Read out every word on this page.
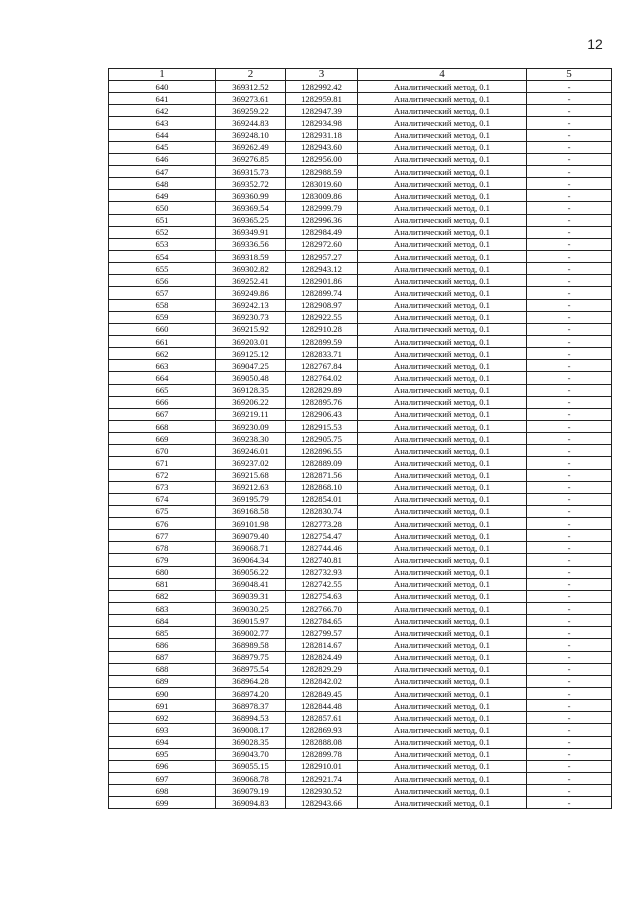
12
1	2	3	4	5
640	369312.52	1282992.42	Аналитический метод, 0.1	-
641	369273.61	1282959.81	Аналитический метод, 0.1	-
642	369259.22	1282947.39	Аналитический метод, 0.1	-
643	369244.83	1282934.98	Аналитический метод, 0.1	-
644	369248.10	1282931.18	Аналитический метод, 0.1	-
645	369262.49	1282943.60	Аналитический метод, 0.1	-
646	369276.85	1282956.00	Аналитический метод, 0.1	-
647	369315.73	1282988.59	Аналитический метод, 0.1	-
648	369352.72	1283019.60	Аналитический метод, 0.1	-
649	369360.99	1283009.86	Аналитический метод, 0.1	-
650	369369.54	1282999.79	Аналитический метод, 0.1	-
651	369365.25	1282996.36	Аналитический метод, 0.1	-
652	369349.91	1282984.49	Аналитический метод, 0.1	-
653	369336.56	1282972.60	Аналитический метод, 0.1	-
654	369318.59	1282957.27	Аналитический метод, 0.1	-
655	369302.82	1282943.12	Аналитический метод, 0.1	-
656	369252.41	1282901.86	Аналитический метод, 0.1	-
657	369249.86	1282899.74	Аналитический метод, 0.1	-
658	369242.13	1282908.97	Аналитический метод, 0.1	-
659	369230.73	1282922.55	Аналитический метод, 0.1	-
660	369215.92	1282910.28	Аналитический метод, 0.1	-
661	369203.01	1282899.59	Аналитический метод, 0.1	-
662	369125.12	1282833.71	Аналитический метод, 0.1	-
663	369047.25	1282767.84	Аналитический метод, 0.1	-
664	369050.48	1282764.02	Аналитический метод, 0.1	-
665	369128.35	1282829.89	Аналитический метод, 0.1	-
666	369206.22	1282895.76	Аналитический метод, 0.1	-
667	369219.11	1282906.43	Аналитический метод, 0.1	-
668	369230.09	1282915.53	Аналитический метод, 0.1	-
669	369238.30	1282905.75	Аналитический метод, 0.1	-
670	369246.01	1282896.55	Аналитический метод, 0.1	-
671	369237.02	1282889.09	Аналитический метод, 0.1	-
672	369215.68	1282871.56	Аналитический метод, 0.1	-
673	369212.63	1282868.10	Аналитический метод, 0.1	-
674	369195.79	1282854.01	Аналитический метод, 0.1	-
675	369168.58	1282830.74	Аналитический метод, 0.1	-
676	369101.98	1282773.28	Аналитический метод, 0.1	-
677	369079.40	1282754.47	Аналитический метод, 0.1	-
678	369068.71	1282744.46	Аналитический метод, 0.1	-
679	369064.34	1282740.81	Аналитический метод, 0.1	-
680	369056.22	1282732.93	Аналитический метод, 0.1	-
681	369048.41	1282742.55	Аналитический метод, 0.1	-
682	369039.31	1282754.63	Аналитический метод, 0.1	-
683	369030.25	1282766.70	Аналитический метод, 0.1	-
684	369015.97	1282784.65	Аналитический метод, 0.1	-
685	369002.77	1282799.57	Аналитический метод, 0.1	-
686	368989.58	1282814.67	Аналитический метод, 0.1	-
687	368979.75	1282824.49	Аналитический метод, 0.1	-
688	368975.54	1282829.29	Аналитический метод, 0.1	-
689	368964.28	1282842.02	Аналитический метод, 0.1	-
690	368974.20	1282849.45	Аналитический метод, 0.1	-
691	368978.37	1282844.48	Аналитический метод, 0.1	-
692	368994.53	1282857.61	Аналитический метод, 0.1	-
693	369008.17	1282869.93	Аналитический метод, 0.1	-
694	369028.35	1282888.08	Аналитический метод, 0.1	-
695	369043.70	1282899.78	Аналитический метод, 0.1	-
696	369055.15	1282910.01	Аналитический метод, 0.1	-
697	369068.78	1282921.74	Аналитический метод, 0.1	-
698	369079.19	1282930.52	Аналитический метод, 0.1	-
699	369094.83	1282943.66	Аналитический метод, 0.1	-
